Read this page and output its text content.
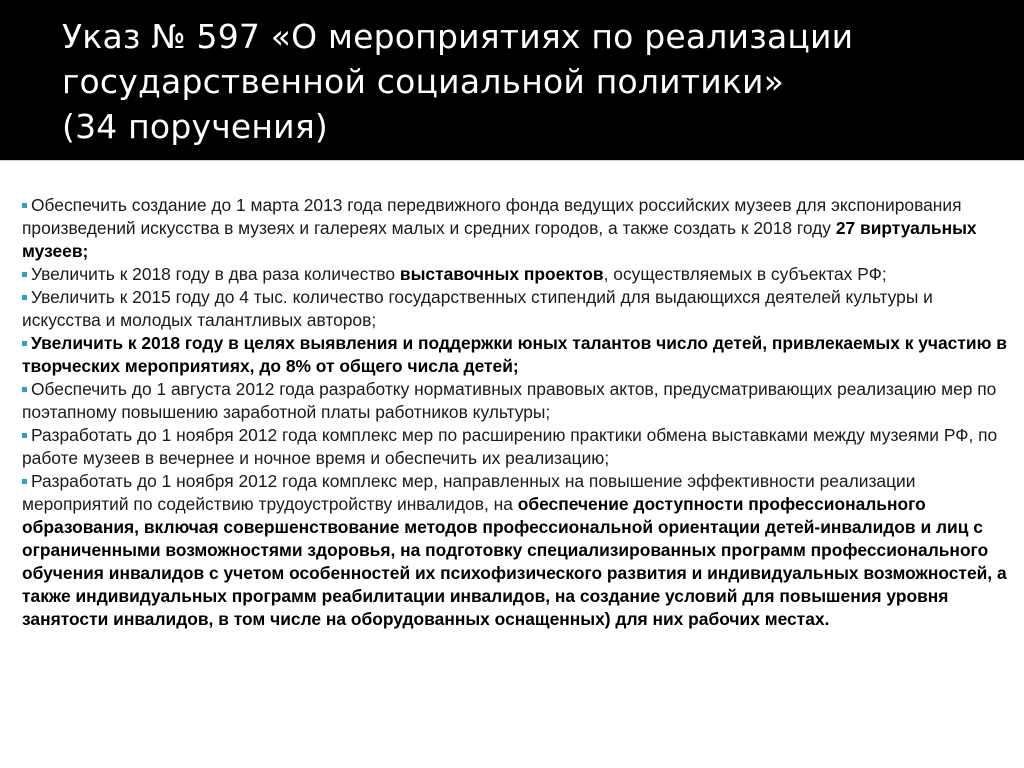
Указ № 597 «О мероприятиях по реализации
государственной социальной политики»
(34 поручения)

Обеспечить создание до 1 марта 2013 года передвижного фонда ведущих российских музеев для экспонирования произведений искусства в музеях и галереях малых и средних городов, а также создать к 2018 году 27 виртуальных музеев;

Увеличить к 2018 году в два раза количество выставочных проектов, осуществляемых в субъектах РФ;

Увеличить к 2015 году до 4 тыс. количество государственных стипендий для выдающихся деятелей культуры и искусства и молодых талантливых авторов;

Увеличить к 2018 году в целях выявления и поддержки юных талантов число детей, привлекаемых к участию в творческих мероприятиях, до 8% от общего числа детей;

Обеспечить до 1 августа 2012 года разработку нормативных правовых актов, предусматривающих реализацию мер по поэтапному повышению заработной платы работников культуры;

Разработать до 1 ноября 2012 года комплекс мер по расширению практики обмена выставками между музеями РФ, по работе музеев в вечернее и ночное время и обеспечить их реализацию;

Разработать до 1 ноября 2012 года комплекс мер, направленных на повышение эффективности реализации мероприятий по содействию трудоустройству инвалидов, на обеспечение доступности профессионального образования, включая совершенствование методов профессиональной ориентации детей-инвалидов и лиц с ограниченными возможностями здоровья, на подготовку специализированных программ профессионального обучения инвалидов с учетом особенностей их психофизического развития и индивидуальных возможностей, а также индивидуальных программ реабилитации инвалидов, на создание условий для повышения уровня занятости инвалидов, в том числе на оборудованных оснащенных) для них рабочих местах.
